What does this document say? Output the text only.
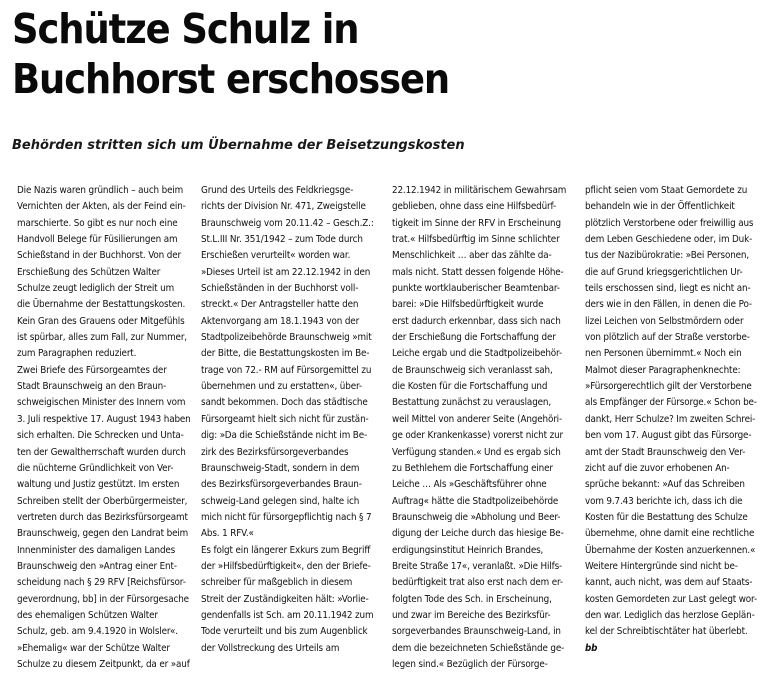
Schütze Schulz in
Buchhorst erschossen

Behörden stritten sich um Übernahme der Beisetzungskosten

Die Nazis waren gründlich – auch beim
Vernichten der Akten, als der Feind ein-
marschierte. So gibt es nur noch eine
Handvoll Belege für Füsilierungen am
Schießstand in der Buchhorst. Von der
Erschießung des Schützen Walter
Schulze zeugt lediglich der Streit um
die Übernahme der Bestattungskosten.
Kein Gran des Grauens oder Mitgefühls
ist spürbar, alles zum Fall, zur Nummer,
zum Paragraphen reduziert.
Zwei Briefe des Fürsorgeamtes der
Stadt Braunschweig an den Braun-
schweigischen Minister des Innern vom
3. Juli respektive 17. August 1943 haben
sich erhalten. Die Schrecken und Unta-
ten der Gewaltherrschaft wurden durch
die nüchterne Gründlichkeit von Ver-
waltung und Justiz gestützt. Im ersten
Schreiben stellt der Oberbürgermeister,
vertreten durch das Bezirksfürsorgeamt
Braunschweig, gegen den Landrat beim
Innenminister des damaligen Landes
Braunschweig den »Antrag einer Ent-
scheidung nach § 29 RFV [Reichsfürsor-
geverordnung, bb] in der Fürsorgesache
des ehemaligen Schützen Walter
Schulz, geb. am 9.4.1920 in Wolsler«.
»Ehemalig« war der Schütze Walter
Schulze zu diesem Zeitpunkt, da er »auf
Grund des Urteils des Feldkriegsge-
richts der Division Nr. 471, Zweigstelle
Braunschweig vom 20.11.42 – Gesch.Z.:
St.L.III Nr. 351/1942 – zum Tode durch
Erschießen verurteilt« worden war.
»Dieses Urteil ist am 22.12.1942 in den
Schießständen in der Buchhorst voll-
streckt.« Der Antragsteller hatte den
Aktenvorgang am 18.1.1943 von der
Stadtpolizeibehörde Braunschweig »mit
der Bitte, die Bestattungskosten im Be-
trage von 72.- RM auf Fürsorgemittel zu
übernehmen und zu erstatten«, über-
sandt bekommen. Doch das städtische
Fürsorgeamt hielt sich nicht für zustän-
dig: »Da die Schießstände nicht im Be-
zirk des Bezirksfürsorgeverbandes
Braunschweig-Stadt, sondern in dem
des Bezirksfürsorgeverbandes Braun-
schweig-Land gelegen sind, halte ich
mich nicht für fürsorgepflichtig nach § 7
Abs. 1 RFV.«
Es folgt ein längerer Exkurs zum Begriff
der »Hilfsbedürftigkeit«, den der Briefe-
schreiber für maßgeblich in diesem
Streit der Zuständigkeiten hält: »Vorlie-
gendenfalls ist Sch. am 20.11.1942 zum
Tode verurteilt und bis zum Augenblick
der Vollstreckung des Urteils am
22.12.1942 in militärischem Gewahrsam
geblieben, ohne dass eine Hilfsbedürf-
tigkeit im Sinne der RFV in Erscheinung
trat.« Hilfsbedürftig im Sinne schlichter
Menschlichkeit … aber das zählte da-
mals nicht. Statt dessen folgende Höhe-
punkte wortklauberischer Beamtenbar-
barei: »Die Hilfsbedürftigkeit wurde
erst dadurch erkennbar, dass sich nach
der Erschießung die Fortschaffung der
Leiche ergab und die Stadtpolizeibehör-
de Braunschweig sich veranlasst sah,
die Kosten für die Fortschaffung und
Bestattung zunächst zu verauslagen,
weil Mittel von anderer Seite (Angehöri-
ge oder Krankenkasse) vorerst nicht zur
Verfügung standen.« Und es ergab sich
zu Bethlehem die Fortschaffung einer
Leiche … Als »Geschäftsführer ohne
Auftrag« hätte die Stadtpolizeibehörde
Braunschweig die »Abholung und Beer-
digung der Leiche durch das hiesige Be-
erdigungsinstitut Heinrich Brandes,
Breite Straße 17«, veranlaßt. »Die Hilfs-
bedürftigkeit trat also erst nach dem er-
folgten Tode des Sch. in Erscheinung,
und zwar im Bereiche des Bezirksfür-
sorgeverbandes Braunschweig-Land, in
dem die bezeichneten Schießstände ge-
legen sind.« Bezüglich der Fürsorge-
pflicht seien vom Staat Gemordete zu
behandeln wie in der Öffentlichkeit
plötzlich Verstorbene oder freiwillig aus
dem Leben Geschiedene oder, im Duk-
tus der Nazibürokratie: »Bei Personen,
die auf Grund kriegsgerichtlichen Ur-
teils erschossen sind, liegt es nicht an-
ders wie in den Fällen, in denen die Po-
lizei Leichen von Selbstmördern oder
von plötzlich auf der Straße verstorbe-
nen Personen übernimmt.« Noch ein
Malmot dieser Paragraphenknechte:
»Fürsorgerechtlich gilt der Verstorbene
als Empfänger der Fürsorge.« Schon be-
dankt, Herr Schulze? Im zweiten Schrei-
ben vom 17. August gibt das Fürsorge-
amt der Stadt Braunschweig den Ver-
zicht auf die zuvor erhobenen An-
sprüche bekannt: »Auf das Schreiben
vom 9.7.43 berichte ich, dass ich die
Kosten für die Bestattung des Schulze
übernehme, ohne damit eine rechtliche
Übernahme der Kosten anzuerkennen.«
Weitere Hintergründe sind nicht be-
kannt, auch nicht, was dem auf Staats-
kosten Gemordeten zur Last gelegt wor-
den war. Lediglich das herzlose Geplän-
kel der Schreibtischtäter hat überlebt.
bb
